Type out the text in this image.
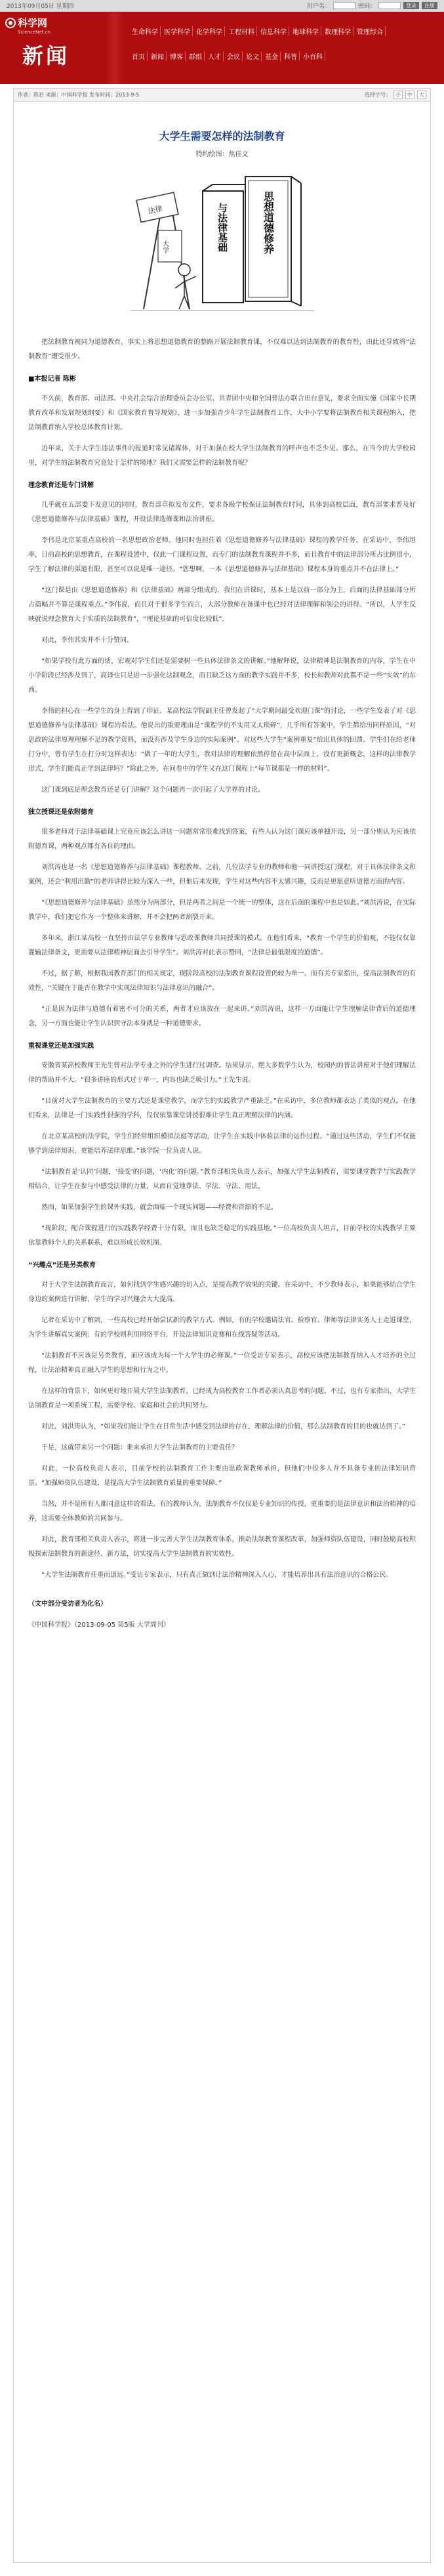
2013年09月05日 星期四	用户名：	密码：	登录	注册
科学网
ScienceNet.cn
新闻
生命科学 医学科学 化学科学 工程材料 信息科学 地球科学 数理科学 管理综合
首页 新闻 博客 群组 人才 会议 论文 基金 科普 小百科
作者：陈若 来源：中国科学报 发布时间：2013-9-5	选择字号： 小	中	大
大学生需要怎样的法制教育
特约绘图：焦佳文
思想道德修养
与法律基础
法律
大学
把法制教育视同为道德教育，事实上将思想道德教育的整路开展法制教育课，不仅难以达到法制教育的教育性，由此还导致将“法制教育”遭受很少。
■本报记者 陈彬
不久前，教育部、司法部、中央社会综合治理委员会办公室、共青团中央和全国普法办联合出台意见，要求全面实施《国家中长期教育改革和发展规划纲要》和《国家教育督导规划》，进一步加强青少年学生法制教育工作，大中小学要将法制教育相关课程纳入，把法制教育纳入学校总体教育计划。
近年来，关于大学生违法事件的报道时常见诸媒体，对于加强在校大学生法制教育的呼声也不乏少见。那么，在当今的大学校园里，对学生的法制教育究竟处于怎样的境地？我们又需要怎样的法制教育呢？
理念教育还是专门讲解
几乎就在五部委下发意见的同时，教育部草拟发布文件，要求各级学校保证法制教育时间，具体到高校层面，教育部要求普及好《思想道德修养与法律基础》课程，开设法律选修课和法治讲座。
李伟是北京某重点高校的一名思想政治老师。他同时也担任着《思想道德修养与法律基础》课程的教学任务。在采访中，李伟坦率，目前高校的思想教育，在课程设置中，仅此一门课程设置，而专门的法制教育课程并不多，而且教育中的法律部分所占比例很小，学生了解法律的渠道有限，甚至可以说是唯一途径。“您想啊，一本《思想道德修养与法律基础》课程本身的重点并不在法律上。”
“这门课是由《思想道德修养》和《法律基础》两部分组成的，我们在讲课时，基本上是以前一部分为主，后面的法律基础部分所占篇幅并不算是课程重点。”李伟说，而且对于很多学生而言，大部分教师在备课中也已经对法律理解和领会的讲得。“所以，人学生反映就说理念教育大于实质的法制教育”，“理论基础的可信度比较低”。
对此，李伟其实并不十分赞同。
“如果学校有此方面的话，宏观对学生们还是需要树一些具体法律条文的讲解。”他解释说，法律精神是法制教育的内容，学生在中小学阶段已经涉及到了，高译也只是进一步强化法制观念，而且缺乏这方面的教学实践并不多，校长和教师对此都不是一些“实效”的东西。
李伟的担心在一些学生的身上得到了印证。某高校法学院副主任曾发起了“大学期间最受欢迎门课”的讨论，一些学生发表了对《思想道德修养与法律基础》课程的看法。他说出的重要理由是“课程学的不实用又太琐碎”，几乎所有答案中，学生都给出同样原因，“对思政的法律原理理解不足的教学资料，而没有涉及学生身边的实际案例”。对这些大学生“案例重复”给出具体的回馈。学生们在给老师打分中，曾有学生在打分时这样表达：“做了一年的大学生，我对法律的理解依然停留在高中层面上，没有更新概念，这样的法律教学形式，学生们能真正学到法律吗？”除此之外，在问卷中的学生又在这门课程上“每节课都是一样的材料”。
这门课到底是理念教育还是专门讲解？这个问题再一次引起了大学界的讨论。
独立授课还是依附德育
很多老师对于法律基础课上究竟应该怎么讲这一问题常常很难找到答案，有些人认为这门课应该单独开设，另一部分则认为应该依附德育课，两种观点都有各自的理由。
刘洪涛也是一名《思想道德修养与法律基础》课程教师。之前，几位法学专业的教师和他一同讲授这门课程，对于具体法律条文和案例，还会“利用出勤”的老师讲得比较为深入一些，但他后来发现，学生对这些内容不太感兴趣，反而是更愿意听道德方面的内容。
“《思想道德修养与法律基础》虽然分为两部分，但是两者之间是一个统一的整体，这在后面的课程中也是如此。”刘洪涛说，在实际教学中，我们把它作为一个整体来讲解，并不会把两者割裂开来。
多年来，浙江某高校一直坚持由法学专业教师与思政课教师共同授课的模式。在他们看来，“教育一个学生的价值观，不能仅仅靠灌输法律条文，更需要从法律精神层面去引导学生”。刘洪涛对此表示赞同，“法律是最低限度的道德”。
不过，据了解，根据我国教育部门的相关规定，现阶段高校的法制教育课程设置仍较为单一。而有关专家指出，提高法制教育的有效性，“关键在于能否在教学中实现法律知识与法律意识的融合”。
“正是因为法律与道德有着密不可分的关系，两者才应该放在一起来讲。”刘洪涛说，这样一方面能让学生理解法律背后的道德理念，另一方面也能让学生认识到守法本身就是一种道德要求。
重视课堂还是加强实践
安徽省某高校教师王先生曾对法学专业之外的学生进行过调查。结果显示，绝大多数学生认为，校园内的普法讲座对于他们理解法律的帮助并不大。“很多讲座的形式过于单一，内容也缺乏吸引力。”王先生说。
“目前对大学生法制教育的主要方式还是课堂教学，而学生的实践教学严重缺乏。”在采访中，多位教师都表达了类似的观点。在他们看来，法律是一门实践性很强的学科，仅仅依靠课堂讲授很难让学生真正理解法律的内涵。
在北京某高校的法学院，学生们经常组织模拟法庭等活动，让学生在实践中体验法律的运作过程。“通过这些活动，学生们不仅能够学到法律知识，更能培养法律思维。”该学院一位负责人说。
“法制教育是‘认同’问题，‘接受’的问题，‘内化’的问题。”教育部相关负责人表示，加强大学生法制教育，需要课堂教学与实践教学相结合，让学生在参与中感受法律的力量，从而自觉地尊法、学法、守法、用法。
然而，如果加强学生的课外实践，就会面临一个现实问题——经费和资源的不足。
“现阶段，配合课程进行的实践教学经费十分有限，而且也缺乏稳定的实践基地。”一位高校负责人坦言，目前学校的实践教学主要依靠教师个人的关系联系，难以形成长效机制。
“兴趣点”还是另类教育
对于大学生法制教育而言，如何找到学生感兴趣的切入点，是提高教学效果的关键。在采访中，不少教师表示，如果能够结合学生身边的案例进行讲解，学生的学习兴趣会大大提高。
记者在采访中了解到，一些高校已经开始尝试新的教学方式。例如，有的学校邀请法官、检察官、律师等法律实务人士走进课堂，为学生讲解真实案例；有的学校则利用网络平台，开设法律知识竞赛和在线答疑等活动。
“法制教育不应该是另类教育，而应该成为每一个大学生的必修课。”一位受访专家表示，高校应该把法制教育纳入人才培养的全过程，让法治精神真正融入学生的思想和行为之中。
在这样的背景下，如何更好地开展大学生法制教育，已经成为高校教育工作者必须认真思考的问题。不过，也有专家指出，大学生法制教育是一项系统工程，需要学校、家庭和社会的共同努力。
对此，刘洪涛认为，“如果我们能让学生在日常生活中感受到法律的存在，理解法律的价值，那么法制教育的目的也就达到了。”
于是，这就带来另一个问题：谁来承担大学生法制教育的主要责任？
对此，一位高校负责人表示，目前学校的法制教育工作主要由思政课教师承担，但他们中很多人并不具备专业的法律知识背景。“加强师资队伍建设，是提高大学生法制教育质量的重要保障。”
当然，并不是所有人都同意这样的看法。有的教师认为，法制教育不仅仅是专业知识的传授，更重要的是法律意识和法治精神的培养，这需要全体教师的共同参与。
对此，教育部相关负责人表示，将进一步完善大学生法制教育体系，推动法制教育课程改革，加强师资队伍建设，同时鼓励高校积极探索法制教育的新途径、新方法，切实提高大学生法制教育的实效性。
“大学生法制教育任重而道远。”受访专家表示，只有真正做到让法治精神深入人心，才能培养出具有法治意识的合格公民。
（文中部分受访者为化名）
《中国科学报》（2013-09-05 第5版 大学周刊）
